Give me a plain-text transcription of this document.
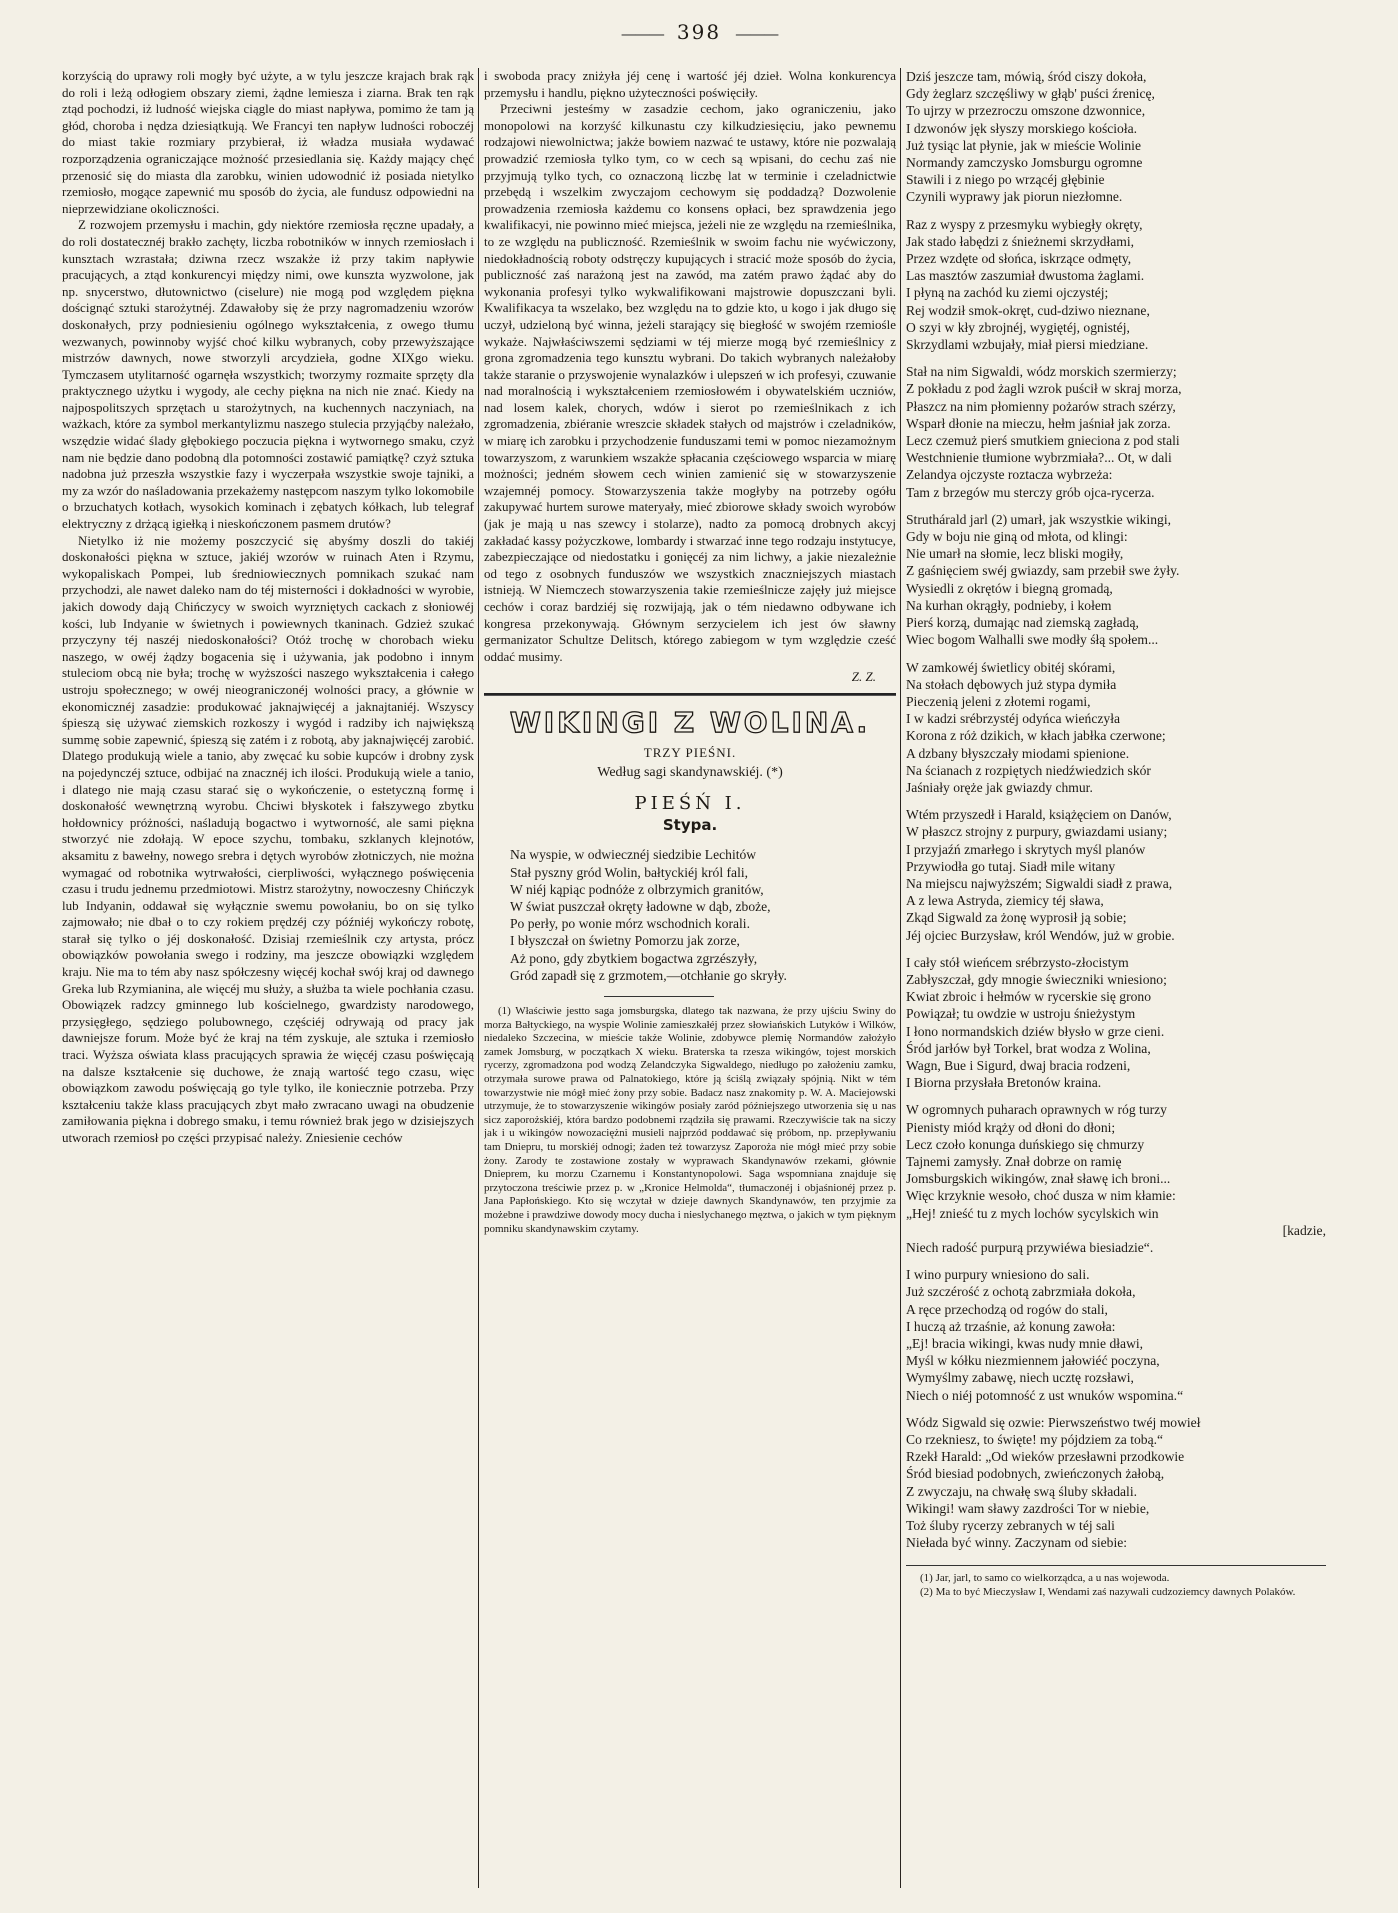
——— 398 ———

korzyścią do uprawy roli mogły być użyte, a w tylu jeszcze krajach brak rąk do roli i leżą odłogiem obszary ziemi, żądne lemiesza i ziarna. Brak ten rąk ztąd pochodzi, iż ludność wiejska ciągle do miast napływa, pomimo że tam ją głód, choroba i nędza dziesiątkują. We Francyi ten napływ ludności roboczéj do miast takie rozmiary przybierał, iż władza musiała wydawać rozporządzenia ograniczające możność przesiedlania się. Każdy mający chęć przenosić się do miasta dla zarobku, winien udowodnić iż posiada nietylko rzemiosło, mogące zapewnić mu sposób do życia, ale fundusz odpowiedni na nieprzewidziane okoliczności.

Z rozwojem przemysłu i machin, gdy niektóre rzemiosła ręczne upadały, a do roli dostatecznéj brakło zachęty, liczba robotników w innych rzemiosłach i kunsztach wzrastała; dziwna rzecz wszakże iż przy takim napływie pracujących, a ztąd konkurencyi między nimi, owe kunszta wyzwolone, jak np. snycerstwo, dłutownictwo (ciselure) nie mogą pod względem piękna doścignąć sztuki starożytnéj. Zdawałoby się że przy nagromadzeniu wzorów doskonałych, przy podniesieniu ogólnego wykształcenia, z owego tłumu wezwanych, powinnoby wyjść choć kilku wybranych, coby przewyższające mistrzów dawnych, nowe stworzyli arcydzieła, godne XIXgo wieku. Tymczasem utylitarność ogarnęła wszystkich; tworzymy rozmaite sprzęty dla praktycznego użytku i wygody, ale cechy piękna na nich nie znać. Kiedy na najpospolitszych sprzętach u starożytnych, na kuchennych naczyniach, na ważkach, które za symbol merkantylizmu naszego stulecia przyjąćby należało, wszędzie widać ślady głębokiego poczucia piękna i wytwornego smaku, czyż nam nie będzie dano podobną dla potomności zostawić pamiątkę? czyż sztuka nadobna już przeszła wszystkie fazy i wyczerpała wszystkie swoje tajniki, a my za wzór do naśladowania przekażemy następcom naszym tylko lokomobile o brzuchatych kotłach, wysokich kominach i zębatych kółkach, lub telegraf elektryczny z drżącą igiełką i nieskończonem pasmem drutów?

Nietylko iż nie możemy poszczycić się abyśmy doszli do takiéj doskonałości piękna w sztuce, jakiéj wzorów w ruinach Aten i Rzymu, wykopaliskach Pompei, lub średniowiecznych pomnikach szukać nam przychodzi, ale nawet daleko nam do téj misterności i dokładności w wyrobie, jakich dowody dają Chińczycy w swoich wyrzniętych cackach z słoniowéj kości, lub Indyanie w świetnych i powiewnych tkaninach. Gdzież szukać przyczyny téj naszéj niedoskonałości? Otóż trochę w chorobach wieku naszego, w owéj żądzy bogacenia się i używania, jak podobno i innym stuleciom obcą nie była; trochę w wyższości naszego wykształcenia i całego ustroju społecznego; w owéj nieograniczonéj wolności pracy, a głównie w ekonomicznéj zasadzie: produkować jaknajwięcéj a jaknajtaniéj. Wszyscy śpieszą się używać ziemskich rozkoszy i wygód i radziby ich największą summę sobie zapewnić, śpieszą się zatém i z robotą, aby jaknajwięcéj zarobić. Dlatego produkują wiele a tanio, aby zwęcać ku sobie kupców i drobny zysk na pojedynczéj sztuce, odbijać na znacznéj ich ilości. Produkują wiele a tanio, i dlatego nie mają czasu starać się o wykończenie, o estetyczną formę i doskonałość wewnętrzną wyrobu. Chciwi błyskotek i fałszywego zbytku hołdownicy próżności, naśladują bogactwo i wytworność, ale sami piękna stworzyć nie zdołają. W epoce szychu, tombaku, szklanych klejnotów, aksamitu z bawełny, nowego srebra i dętych wyrobów złotniczych, nie można wymagać od robotnika wytrwałości, cierpliwości, wyłącznego poświęcenia czasu i trudu jednemu przedmiotowi. Mistrz starożytny, nowoczesny Chińczyk lub Indyanin, oddawał się wyłącznie swemu powołaniu, bo on się tylko zajmowało; nie dbał o to czy rokiem prędzéj czy późniéj wykończy robotę, starał się tylko o jéj doskonałość. Dzisiaj rzemieślnik czy artysta, prócz obowiązków powołania swego i rodziny, ma jeszcze obowiązki względem kraju. Nie ma to tém aby nasz spółczesny więcéj kochał swój kraj od dawnego Greka lub Rzymianina, ale więcéj mu służy, a służba ta wiele pochłania czasu. Obowiązek radzcy gminnego lub kościelnego, gwardzisty narodowego, przysięgłego, sędziego polubownego, częściéj odrywają od pracy jak dawniejsze forum. Może być że kraj na tém zyskuje, ale sztuka i rzemiosło traci. Wyższa oświata klass pracujących sprawia że więcéj czasu poświęcają na dalsze kształcenie się duchowe, że znają wartość tego czasu, więc obowiązkom zawodu poświęcają go tyle tylko, ile koniecznie potrzeba. Przy kształceniu także klass pracujących zbyt mało zwracano uwagi na obudzenie zamiłowania piękna i dobrego smaku, i temu również brak jego w dzisiejszych utworach rzemiosł po części przypisać należy. Zniesienie cechów

i swoboda pracy zniżyła jéj cenę i wartość jéj dzieł. Wolna konkurencya przemysłu i handlu, piękno użyteczności poświęciły.

Przeciwni jesteśmy w zasadzie cechom, jako ograniczeniu, jako monopolowi na korzyść kilkunastu czy kilkudziesięciu, jako pewnemu rodzajowi niewolnictwa; jakże bowiem nazwać te ustawy, które nie pozwalają prowadzić rzemiosła tylko tym, co w cech są wpisani, do cechu zaś nie przyjmują tylko tych, co oznaczoną liczbę lat w terminie i czeladnictwie przebędą i wszelkim zwyczajom cechowym się poddadzą? Dozwolenie prowadzenia rzemiosła każdemu co konsens opłaci, bez sprawdzenia jego kwalifikacyi, nie powinno mieć miejsca, jeżeli nie ze względu na rzemieślnika, to ze względu na publiczność. Rzemieślnik w swoim fachu nie wyćwiczony, niedokładnością roboty odstręczy kupujących i stracić może sposób do życia, publiczność zaś narażoną jest na zawód, ma zatém prawo żądać aby do wykonania profesyi tylko wykwalifikowani majstrowie dopuszczani byli. Kwalifikacya ta wszelako, bez względu na to gdzie kto, u kogo i jak długo się uczył, udzieloną być winna, jeżeli starający się biegłość w swojém rzemiośle wykaże. Najwłaściwszemi sędziami w téj mierze mogą być rzemieślnicy z grona zgromadzenia tego kunsztu wybrani. Do takich wybranych należałoby także staranie o przyswojenie wynalazków i ulepszeń w ich profesyi, czuwanie nad moralnością i wykształceniem rzemiosłowém i obywatelskiém uczniów, nad losem kalek, chorych, wdów i sierot po rzemieślnikach z ich zgromadzenia, zbiéranie wreszcie składek stałych od majstrów i czeladników, w miarę ich zarobku i przychodzenie funduszami temi w pomoc niezamożnym towarzyszom, z warunkiem wszakże spłacania częściowego wsparcia w miarę możności; jedném słowem cech winien zamienić się w stowarzyszenie wzajemnéj pomocy. Stowarzyszenia także mogłyby na potrzeby ogółu zakupywać hurtem surowe materyały, mieć zbiorowe składy swoich wyrobów (jak je mają u nas szewcy i stolarze), nadto za pomocą drobnych akcyj zakładać kassy pożyczkowe, lombardy i stwarzać inne tego rodzaju instytucye, zabezpieczające od niedostatku i gonięcéj za nim lichwy, a jakie niezależnie od tego z osobnych funduszów we wszystkich znaczniejszych miastach istnieją. W Niemczech stowarzyszenia takie rzemieślnicze zajęły już miejsce cechów i coraz bardziéj się rozwijają, jak o tém niedawno odbywane ich kongresa przekonywają. Głównym serzycielem ich jest ów sławny germanizator Schultze Delitsch, którego zabiegom w tym względzie cześć oddać musimy.

Z. Z.
WIKINGI Z WOLINA.
TRZY PIEŚNI.
Według sagi skandynawskiéj. (*)
PIEŚŃ I.
Stypa.
Na wyspie, w odwiecznéj siedzibie Lechitów
Stał pyszny gród Wolin, bałtyckiéj król fali,
W niéj kąpiąc podnóże z olbrzymich granitów,
W świat puszczał okręty ładowne w dąb, zboże,
Po perły, po wonie mórz wschodnich korali.
I błyszczał on świetny Pomorzu jak zorze,
Aż pono, gdy zbytkiem bogactwa zgrzészyły,
Gród zapadł się z grzmotem,—otchłanie go skryły.

(1) Właściwie jestto saga jomsburgska, dlatego tak nazwana, że przy ujściu Swiny do morza Bałtyckiego, na wyspie Wolinie zamieszkałéj przez słowiańskich Lutyków i Wilków, niedaleko Szczecina, w mieście także Wolinie, zdobywce plemię Normandów założyło zamek Jomsburg, w początkach X wieku. Braterska ta rzesza wikingów, tojest morskich rycerzy, zgromadzona pod wodzą Zelandczyka Sigwaldego, niedługo po założeniu zamku, otrzymała surowe prawa od Palnatokiego, które ją ściślą związały spójnią. Nikt w tém towarzystwie nie mógł mieć żony przy sobie. Badacz nasz znakomity p. W. A. Maciejowski utrzymuje, że to stowarzyszenie wikingów posiały zaród późniejszego utworzenia się u nas sicz zaporożskiéj, która bardzo podobnemi rządziła się prawami. Rzeczywiście tak na siczy jak i u wikingów nowozaciężni musieli najprzód poddawać się próbom, np. przepływaniu tam Dniepru, tu morskiéj odnogi; żaden też towarzysz Zaporoża nie mógł mieć przy sobie żony. Zarody te zostawione zostały w wyprawach Skandynawów rzekami, głównie Dnieprem, ku morzu Czarnemu i Konstantynopolowi. Saga wspomniana znajduje się przytoczona treściwie przez p. w „Kronice Helmolda“, tłumaczonéj i objaśnionéj przez p. Jana Papłońskiego. Kto się wczytał w dzieje dawnych Skandynawów, ten przyjmie za możebne i prawdziwe dowody mocy ducha i nieslychanego męztwa, o jakich w tym pięknym pomniku skandynawskim czytamy.

Dziś jeszcze tam, mówią, śród ciszy dokoła,
Gdy żeglarz szczęśliwy w głąb' puści źrenicę,
To ujrzy w przezroczu omszone dzwonnice,
I dzwonów jęk słyszy morskiego kościoła.
Już tysiąc lat płynie, jak w mieście Wolinie
Normandy zamczysko Jomsburgu ogromne
Stawili i z niego po wrzącéj głębinie
Czynili wyprawy jak piorun niezłomne.
Raz z wyspy z przesmyku wybiegły okręty,
Jak stado łabędzi z śnieżnemi skrzydłami,
Przez wzdęte od słońca, iskrzące odmęty,
Las masztów zaszumiał dwustoma żaglami.
I płyną na zachód ku ziemi ojczystéj;
Rej wodził smok-okręt, cud-dziwo nieznane,
O szyi w kły zbrojnéj, wygiętéj, ognistéj,
Skrzydlami wzbujały, miał piersi miedziane.
Stał na nim Sigwaldi, wódz morskich szermierzy;
Z pokładu z pod żagli wzrok puścił w skraj morza,
Płaszcz na nim płomienny pożarów strach szérzy,
Wsparł dłonie na mieczu, hełm jaśniał jak zorza.
Lecz czemuż pierś smutkiem gnieciona z pod stali
Westchnienie tłumione wybrzmiała?... Ot, w dali
Zelandya ojczyste roztacza wybrzeża:
Tam z brzegów mu sterczy grób ojca-rycerza.
Struthárald jarl (2) umarł, jak wszystkie wikingi,
Gdy w boju nie giną od młota, od klingi:
Nie umarł na słomie, lecz bliski mogiły,
Z gaśnięciem swéj gwiazdy, sam przebił swe żyły.
Wysiedli z okrętów i biegną gromadą,
Na kurhan okrągły, podnieby, i kołem
Pierś korzą, dumając nad ziemską zagładą,
Wiec bogom Walhalli swe modły śłą społem...
W zamkowéj świetlicy obitéj skórami,
Na stołach dębowych już stypa dymiła
Pieczenią jeleni z złotemi rogami,
I w kadzi srébrzystéj odyńca wieńczyła
Korona z róż dzikich, w kłach jabłka czerwone;
A dzbany błyszczały miodami spienione.
Na ścianach z rozpiętych niedźwiedzich skór
Jaśniały oręże jak gwiazdy chmur.
Wtém przyszedł i Harald, książęciem on Danów,
W płaszcz strojny z purpury, gwiazdami usiany;
I przyjaźń zmarłego i skrytych myśl planów
Przywiodła go tutaj. Siadł mile witany
Na miejscu najwyższém; Sigwaldi siadł z prawa,
A z lewa Astryda, ziemicy téj sława,
Zkąd Sigwald za żonę wyprosił ją sobie;
Jéj ojciec Burzysław, król Wendów, już w grobie.
I cały stół wieńcem srébrzysto-złocistym
Zabłyszczał, gdy mnogie świeczniki wniesiono;
Kwiat zbroic i hełmów w rycerskie się grono
Powiązał; tu owdzie w ustroju śnieżystym
I łono normandskich dziéw błysło w grze cieni.
Śród jarłów był Torkel, brat wodza z Wolina,
Wagn, Bue i Sigurd, dwaj bracia rodzeni,
I Biorna przysłała Bretonów kraina.
W ogromnych puharach oprawnych w róg turzy
Pienisty miód krąży od dłoni do dłoni;
Lecz czoło konunga duńskiego się chmurzy
Tajnemi zamysły. Znał dobrze on ramię
Jomsburgskich wikingów, znał sławę ich broni...
Więc krzyknie wesoło, choć dusza w nim kłamie:
„Hej! znieść tu z mych lochów sycylskich win
[kadzie,
Niech radość purpurą przywiéwa biesiadzie“.
I wino purpury wniesiono do sali.
Już szczérość z ochotą zabrzmiała dokoła,
A ręce przechodzą od rogów do stali,
I huczą aż trzaśnie, aż konung zawoła:
„Ej! bracia wikingi, kwas nudy mnie dławi,
Myśl w kółku niezmiennem jałowiéć poczyna,
Wymyślmy zabawę, niech ucztę rozsławi,
Niech o niéj potomność z ust wnuków wspomina.“
Wódz Sigwald się ozwie: Pierwszeństwo twéj mowieł
Co rzekniesz, to święte! my pójdziem za tobą.“
Rzekł Harald: „Od wieków przesławni przodkowie
Śród biesiad podobnych, zwieńczonych żałobą,
Z zwyczaju, na chwałę swą śluby składali.
Wikingi! wam sławy zazdrości Tor w niebie,
Toż śluby rycerzy zebranych w téj sali
Niełada być winny. Zaczynam od siebie:

(1) Jar, jarl, to samo co wielkorządca, a u nas wojewoda.

(2) Ma to być Mieczysław I, Wendami zaś nazywali cudzoziemcy dawnych Polaków.
